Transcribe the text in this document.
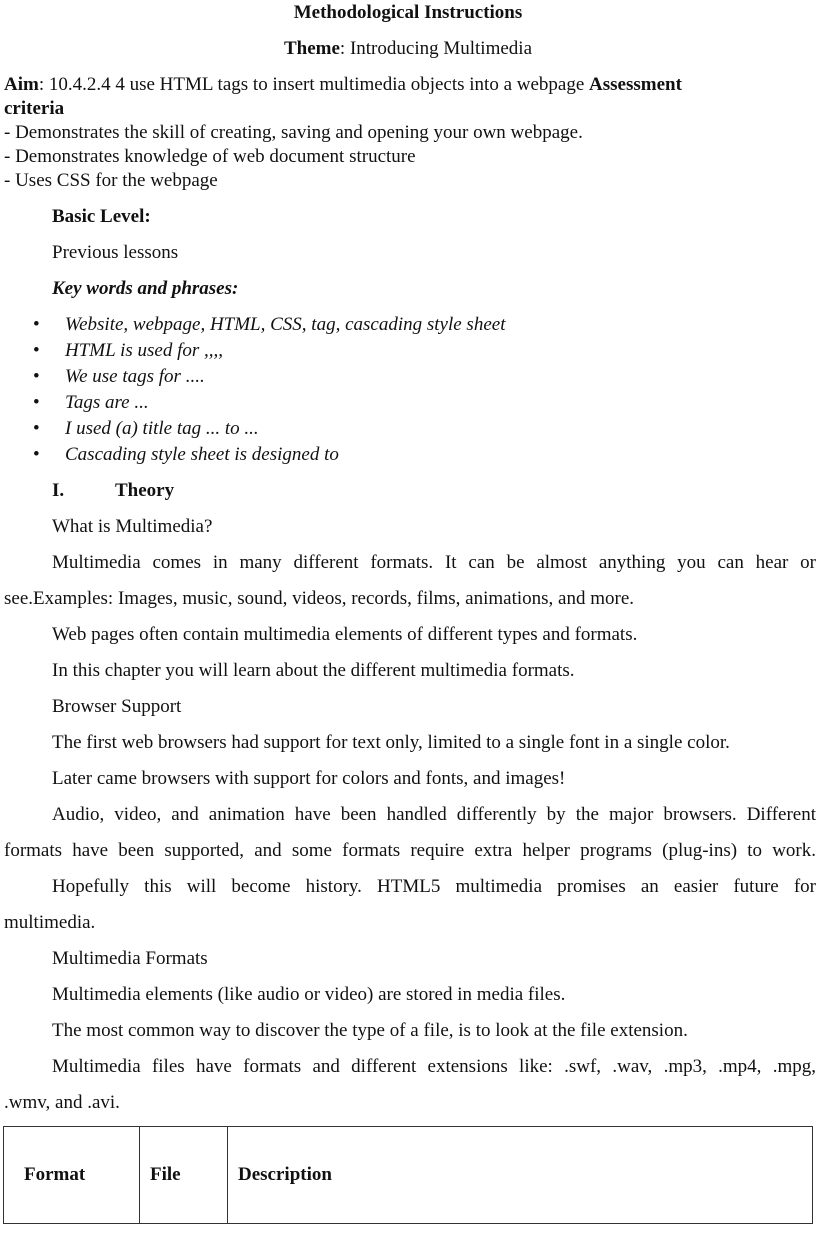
Methodological Instructions
Theme: Introducing Multimedia
Aim: 10.4.2.4 4 use HTML tags to insert multimedia objects into a webpage Assessment
criteria
- Demonstrates the skill of creating, saving and opening your own webpage.
- Demonstrates knowledge of web document structure
- Uses CSS for the webpage
Basic Level:
Previous lessons
Key words and phrases:
• Website, webpage, HTML, CSS, tag, cascading style sheet
• HTML is used for ,,,,
• We use tags for ....
• Tags are ...
• I used (a) title tag ... to ...
• Cascading style sheet is designed to
I.	Theory
What is Multimedia?
Multimedia comes in many different formats. It can be almost anything you can hear or
see.Examples: Images, music, sound, videos, records, films, animations, and more.
Web pages often contain multimedia elements of different types and formats.
In this chapter you will learn about the different multimedia formats.
Browser Support
The first web browsers had support for text only, limited to a single font in a single color.
Later came browsers with support for colors and fonts, and images!
Audio, video, and animation have been handled differently by the major browsers. Different
formats have been supported, and some formats require extra helper programs (plug-ins) to work.
Hopefully this will become history. HTML5 multimedia promises an easier future for
multimedia.
Multimedia Formats
Multimedia elements (like audio or video) are stored in media files.
The most common way to discover the type of a file, is to look at the file extension.
Multimedia files have formats and different extensions like: .swf, .wav, .mp3, .mp4, .mpg,
.wmv, and .avi.
Format	File	Description
